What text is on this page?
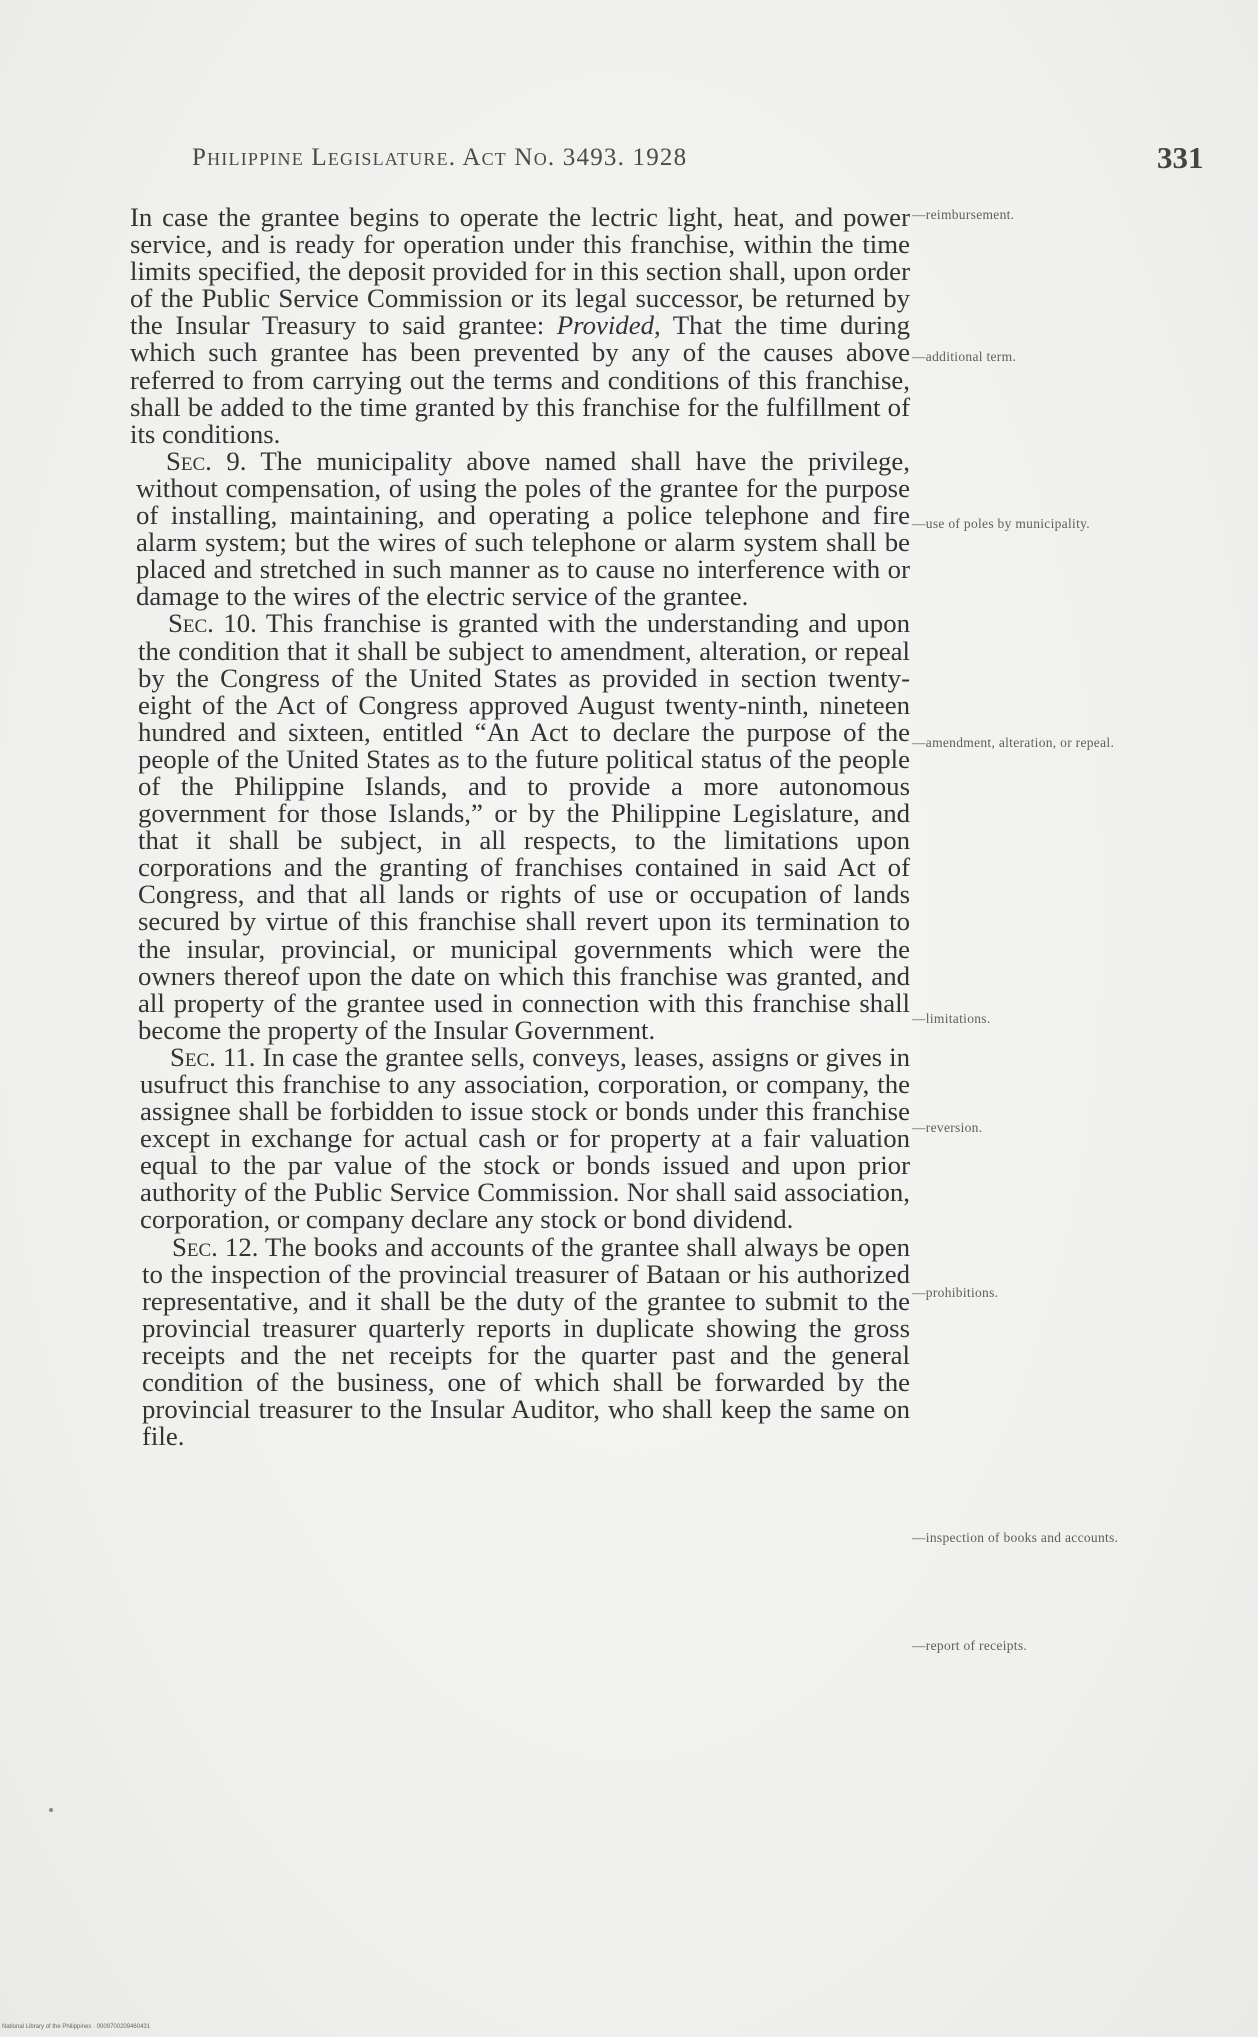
Philippine Legislature. Act No. 3493. 1928	331

In case the grantee begins to operate the lectric light, heat, and power service, and is ready for operation under this franchise, within the time limits specified, the deposit provided for in this section shall, upon order of the Public Service Commission or its legal successor, be returned by the Insular Treasury to said grantee: Provided, That the time during which such grantee has been prevented by any of the causes above referred to from carrying out the terms and conditions of this franchise, shall be added to the time granted by this franchise for the fulfillment of its conditions.

Sec. 9. The municipality above named shall have the privilege, without compensation, of using the poles of the grantee for the purpose of installing, maintaining, and operating a police telephone and fire alarm system; but the wires of such telephone or alarm system shall be placed and stretched in such manner as to cause no interference with or damage to the wires of the electric service of the grantee.

Sec. 10. This franchise is granted with the understanding and upon the condition that it shall be subject to amendment, alteration, or repeal by the Congress of the United States as provided in section twenty-eight of the Act of Congress approved August twenty-ninth, nineteen hundred and sixteen, entitled “An Act to declare the purpose of the people of the United States as to the future political status of the people of the Philippine Islands, and to provide a more autonomous government for those Islands,” or by the Philippine Legislature, and that it shall be subject, in all respects, to the limitations upon corporations and the granting of franchises contained in said Act of Congress, and that all lands or rights of use or occupation of lands secured by virtue of this franchise shall revert upon its termination to the insular, provincial, or municipal governments which were the owners thereof upon the date on which this franchise was granted, and all property of the grantee used in connection with this franchise shall become the property of the Insular Government.

Sec. 11. In case the grantee sells, conveys, leases, assigns or gives in usufruct this franchise to any association, corporation, or company, the assignee shall be forbidden to issue stock or bonds under this franchise except in exchange for actual cash or for property at a fair valuation equal to the par value of the stock or bonds issued and upon prior authority of the Public Service Commission. Nor shall said association, corporation, or company declare any stock or bond dividend.

Sec. 12. The books and accounts of the grantee shall always be open to the inspection of the provincial treasurer of Bataan or his authorized representative, and it shall be the duty of the grantee to submit to the provincial treasurer quarterly reports in duplicate showing the gross receipts and the net receipts for the quarter past and the general condition of the business, one of which shall be forwarded by the provincial treasurer to the Insular Auditor, who shall keep the same on file.

—reimbursement.
—additional term.
—use of poles by municipality.
—amendment, alteration, or repeal.
—limitations.
—reversion.
—prohibitions.
—inspection of books and accounts.
—report of receipts.
National Library of the Philippines · 0009700209460431
